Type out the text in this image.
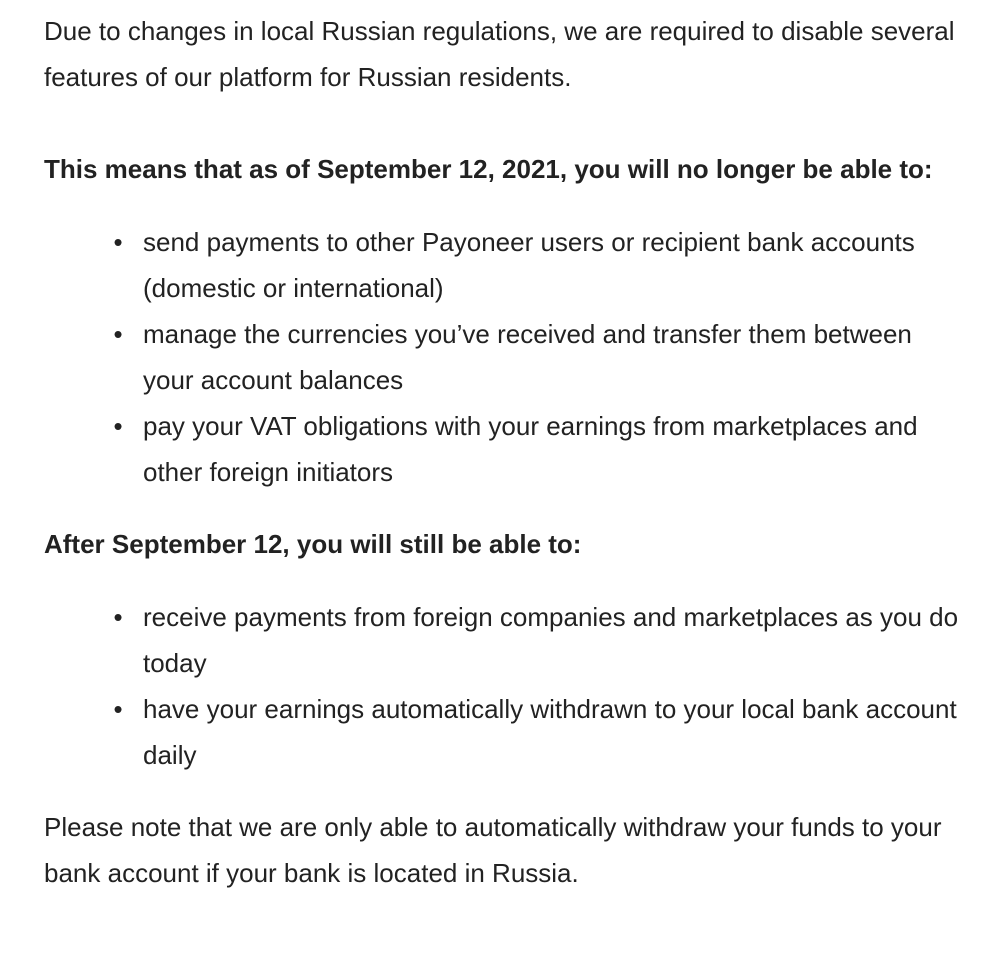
Due to changes in local Russian regulations, we are required to disable several features of our platform for Russian residents.

This means that as of September 12, 2021, you will no longer be able to:

• send payments to other Payoneer users or recipient bank accounts (domestic or international)
• manage the currencies you’ve received and transfer them between your account balances
• pay your VAT obligations with your earnings from marketplaces and other foreign initiators

After September 12, you will still be able to:

• receive payments from foreign companies and marketplaces as you do today
• have your earnings automatically withdrawn to your local bank account daily

Please note that we are only able to automatically withdraw your funds to your bank account if your bank is located in Russia.
